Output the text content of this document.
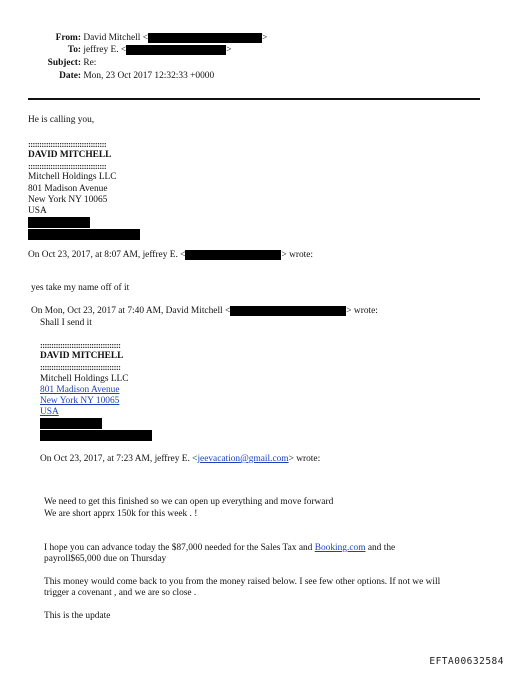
From: David Mitchell <	>
To: jeffrey E. <	>
Subject: Re:
Date: Mon, 23 Oct 2017 12:32:33 +0000
He is calling you,
:::::::::::::::::::::::::::::::::::
DAVID MITCHELL
:::::::::::::::::::::::::::::::::::
Mitchell Holdings LLC
801 Madison Avenue
New York NY 10065
USA
On Oct 23, 2017, at 8:07 AM, jeffrey E. <	> wrote:
yes take my name off of it
On Mon, Oct 23, 2017 at 7:40 AM, David Mitchell <	> wrote:
Shall I send it
::::::::::::::::::::::::::::::::::::
DAVID MITCHELL
::::::::::::::::::::::::::::::::::::
Mitchell Holdings LLC
801 Madison Avenue
New York NY 10065
USA
On Oct 23, 2017, at 7:23 AM, jeffrey E. <jeevacation@gmail.com> wrote:
We need to get this finished so we can open up everything and move forward
We are short apprx 150k for this week . !
I hope you can advance today the $87,000 needed for the Sales Tax and Booking.com and the
payroll$65,000 due on Thursday
This money would come back to you from the money raised below. I see few other options. If not we will
trigger a covenant , and we are so close .
This is the update
EFTA00632584
